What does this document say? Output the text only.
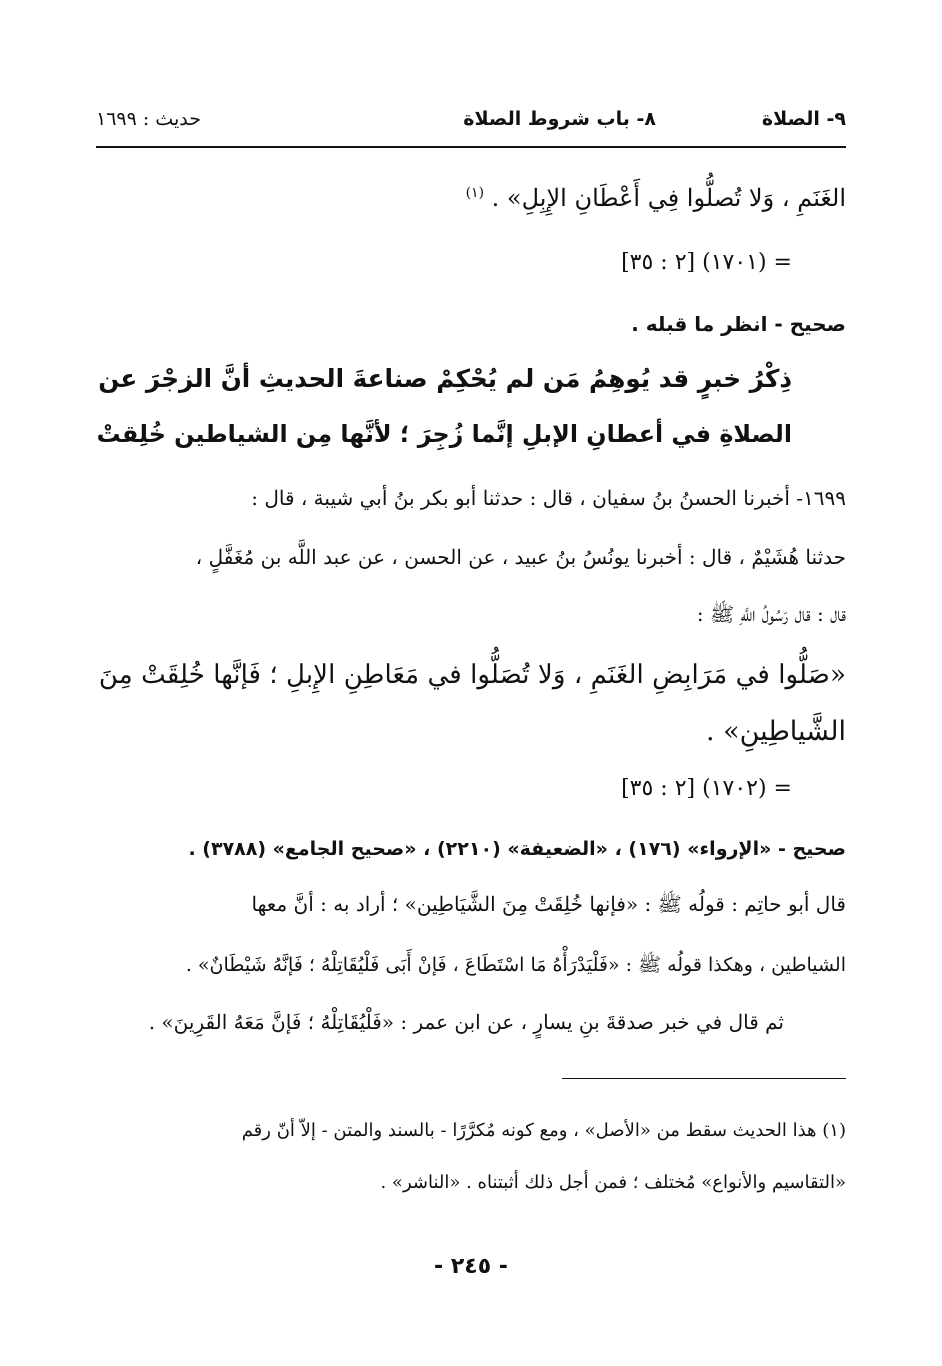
٩- الصلاة
٨- باب شروط الصلاة
حديث : ١٦٩٩
الغَنَمِ ، وَلا تُصلُّوا فِي أَعْطَانِ الإِبِلِ» . $^{(١)}$
= (١٧٠١) [٢ : ٣٥]
صحيح - انظر ما قبله .
ذِكْرُ خبرٍ قد يُوهِمُ مَن لم يُحْكِمْ صناعةَ الحديثِ أنَّ الزجْرَ عن
الصلاةِ في أعطانِ الإبلِ إنَّما زُجِرَ ؛ لأنَّها مِن الشياطين خُلِقتْ
١٦٩٩- أخبرنا الحسنُ بنُ سفيان ، قال : حدثنا أبو بكر بنُ أبي شيبة ، قال :
حدثنا هُشَيْمٌ ، قال : أخبرنا يونُسُ بنُ عبيد ، عن الحسن ، عن عبد اللَّه بن مُغَفَّلٍ ،
قال : قال رَسُولُ اللَّهِ ﷺ :
«صَلُّوا في مَرَابِضِ الغَنَمِ ، وَلا تُصَلُّوا في مَعَاطِنِ الإِبلِ ؛ فَإنَّها خُلِقَتْ مِنَ
الشَّياطِينِ» .
= (١٧٠٢) [٢ : ٣٥]
صحيح - «الإرواء» (١٧٦) ، «الضعيفة» (٢٢١٠) ، «صحيح الجامع» (٣٧٨٨) .
قال أبو حاتِم : قولُه ﷺ : «فإنها خُلِقَتْ مِنَ الشَّيَاطِين» ؛ أراد به : أنَّ معها
الشياطين ، وهكذا قولُه ﷺ : «فَلْيَدْرَأْهُ مَا اسْتَطَاعَ ، فَإنْ أَبَى فَلْيُقَاتِلْهُ ؛ فَإنَّهُ شَيْطَانٌ» .
ثم قال في خبر صدقةَ بنِ يسارٍ ، عن ابن عمر : «فَلْيُقَاتِلْهُ ؛ فَإنَّ مَعَهُ القَرِينَ» .
(١) هذا الحديث سقط من «الأصل» ، ومع كونه مُكرَّرًا - بالسند والمتن - إلاّ أنّ رقم
«التقاسيم والأنواع» مُختلف ؛ فمن أجل ذلك أثبتناه . «الناشر» .
- ٢٤٥ -
